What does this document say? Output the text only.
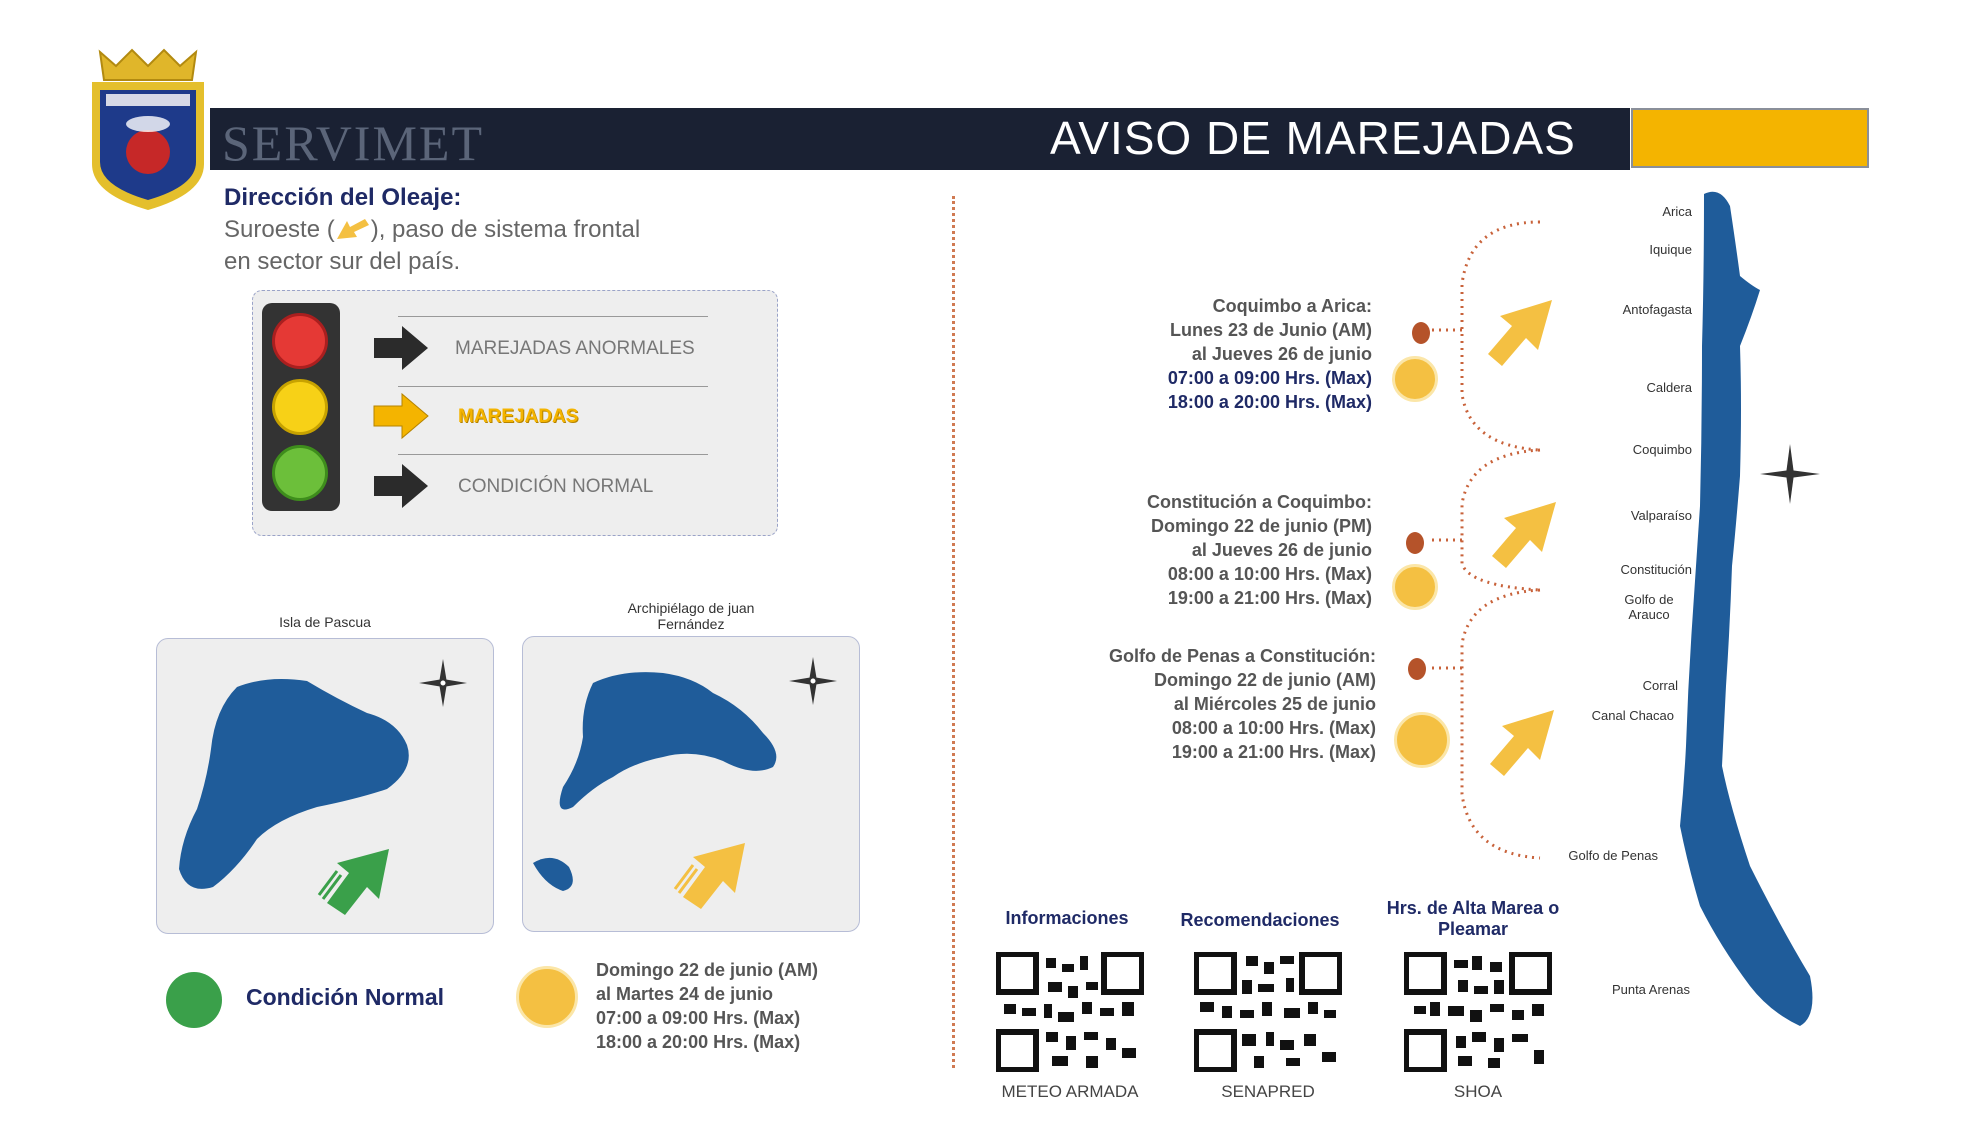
SERVIMET	AVISO DE MAREJADAS
Dirección del Oleaje:
Suroeste ( ), paso de sistema frontal
en sector sur del país.
MAREJADAS ANORMALES
MAREJADAS
CONDICIÓN NORMAL
Isla de Pascua
Archipiélago de juan Fernández
Condición Normal
Domingo 22 de junio (AM)
al Martes 24 de junio
07:00 a 09:00 Hrs. (Max)
18:00 a 20:00 Hrs. (Max)
Coquimbo a Arica:
Lunes 23 de Junio (AM)
al Jueves 26 de junio
07:00 a 09:00 Hrs. (Max)
18:00 a 20:00 Hrs. (Max)
Constitución a Coquimbo:
Domingo 22 de junio (PM)
al Jueves 26 de junio
08:00 a 10:00 Hrs. (Max)
19:00 a 21:00 Hrs. (Max)
Golfo de Penas a Constitución:
Domingo 22 de junio (AM)
al Miércoles 25 de junio
08:00 a 10:00 Hrs. (Max)
19:00 a 21:00 Hrs. (Max)
Arica
Iquique
Antofagasta
Caldera
Coquimbo
Valparaíso
Constitución
Golfo de Arauco
Corral
Canal Chacao
Golfo de Penas
Punta Arenas
Informaciones	Recomendaciones
Hrs. de Alta Marea o Pleamar
METEO ARMADA	SENAPRED	SHOA
